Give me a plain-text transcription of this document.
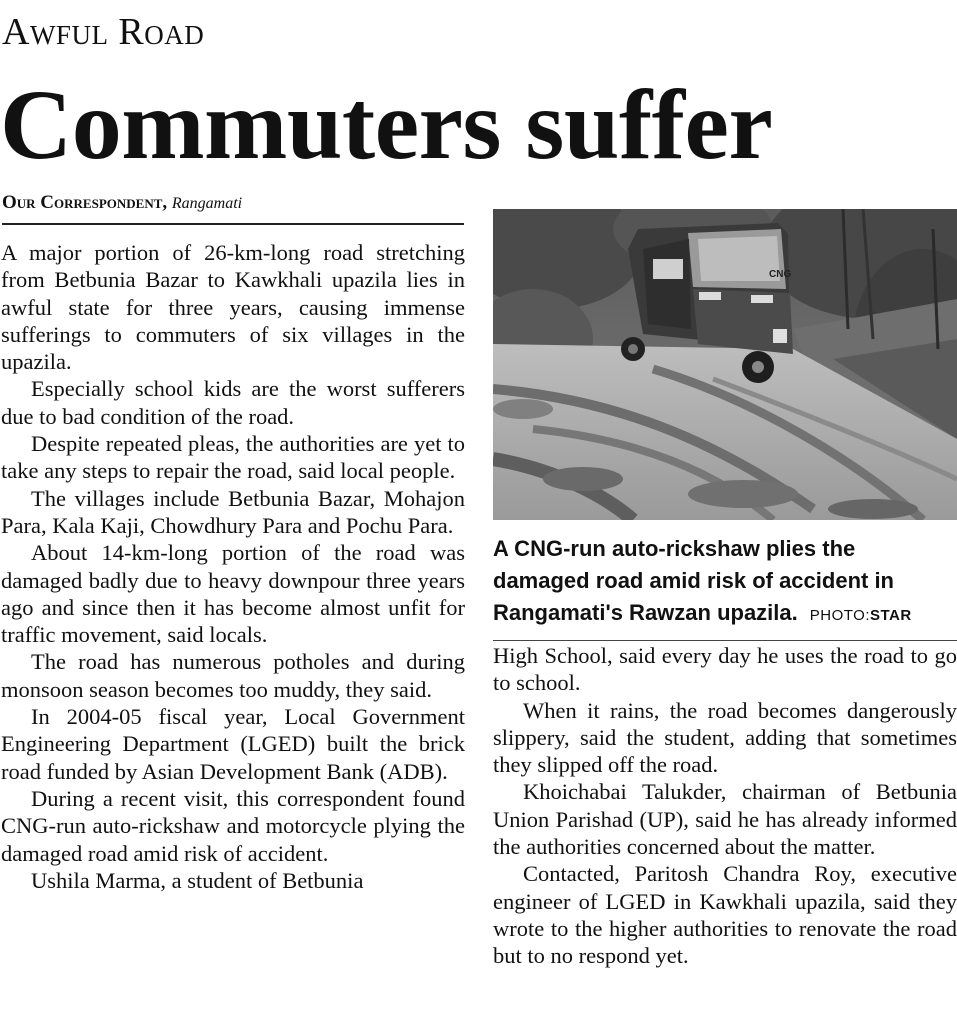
Awful Road
Commuters suffer
Our Correspondent, Rangamati

A major portion of 26-km-long road stretching from Betbunia Bazar to Kawkhali upazila lies in awful state for three years, causing immense sufferings to commuters of six villages in the upazila.

Especially school kids are the worst sufferers due to bad condition of the road.

Despite repeated pleas, the authorities are yet to take any steps to repair the road, said local people.

The villages include Betbunia Bazar, Mohajon Para, Kala Kaji, Chowdhury Para and Pochu Para.

About 14-km-long portion of the road was damaged badly due to heavy downpour three years ago and since then it has become almost unfit for traffic movement, said locals.

The road has numerous potholes and during monsoon season becomes too muddy, they said.

In 2004-05 fiscal year, Local Government Engineering Department (LGED) built the brick road funded by Asian Development Bank (ADB).

During a recent visit, this correspondent found CNG-run auto-rickshaw and motorcycle plying the damaged road amid risk of accident.

Ushila Marma, a student of Betbunia

CNG
A CNG-run auto-rickshaw plies the damaged road amid risk of accident in Rangamati's Rawzan upazila. PHOTO:STAR

High School, said every day he uses the road to go to school.

When it rains, the road becomes dangerously slippery, said the student, adding that sometimes they slipped off the road.

Khoichabai Talukder, chairman of Betbunia Union Parishad (UP), said he has already informed the authorities concerned about the matter.

Contacted, Paritosh Chandra Roy, executive engineer of LGED in Kawkhali upazila, said they wrote to the higher authorities to renovate the road but to no respond yet.
